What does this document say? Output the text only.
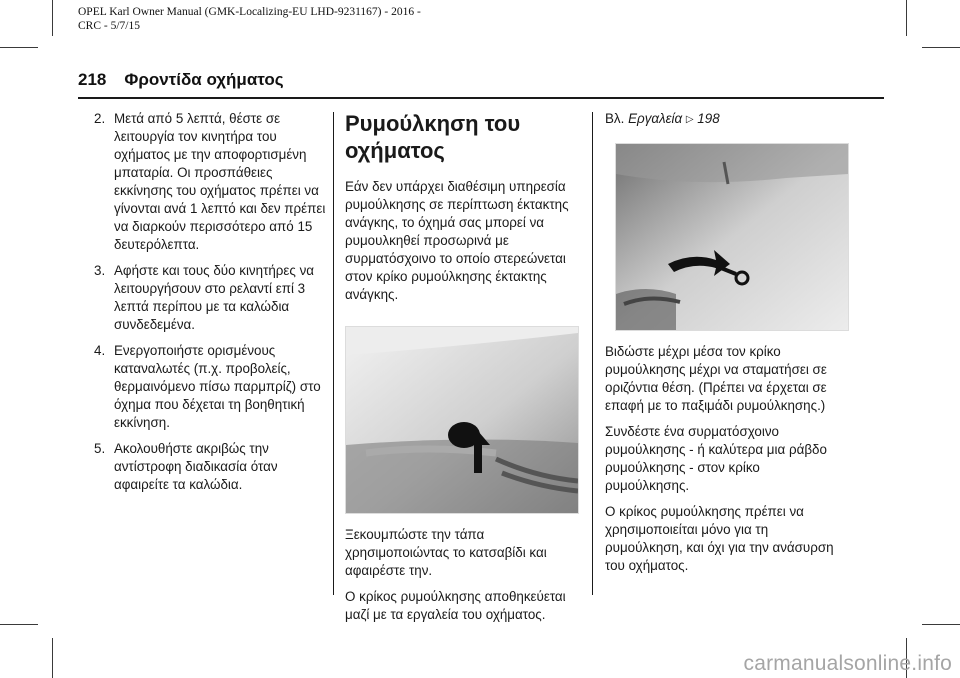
OPEL Karl Owner Manual (GMK-Localizing-EU LHD-9231167) - 2016 -
CRC - 5/7/15
218 Φροντίδα οχήματος
2. Μετά από 5 λεπτά, θέστε σε λειτουργία τον κινητήρα του οχήματος με την αποφορτισμένη μπαταρία. Οι προσπάθειες εκκίνησης του οχήματος πρέπει να γίνονται ανά 1 λεπτό και δεν πρέπει να διαρκούν περισσότερο από 15 δευτερόλεπτα.
3. Αφήστε και τους δύο κινητήρες να λειτουργήσουν στο ρελαντί επί 3 λεπτά περίπου με τα καλώδια συνδεδεμένα.
4. Ενεργοποιήστε ορισμένους καταναλωτές (π.χ. προβολείς, θερμαινόμενο πίσω παρμπρίζ) στο όχημα που δέχεται τη βοηθητική εκκίνηση.
5. Ακολουθήστε ακριβώς την αντίστροφη διαδικασία όταν αφαιρείτε τα καλώδια.
Ρυμούλκηση του οχήματος

Εάν δεν υπάρχει διαθέσιμη υπηρεσία ρυμούλκησης σε περίπτωση έκτακτης ανάγκης, το όχημά σας μπορεί να ρυμουλκηθεί προσωρινά με συρματόσχοινο το οποίο στερεώνεται στον κρίκο ρυμούλκησης έκτακτης ανάγκης.

Ξεκουμπώστε την τάπα χρησιμοποιώντας το κατσαβίδι και αφαιρέστε την.

Ο κρίκος ρυμούλκησης αποθηκεύεται μαζί με τα εργαλεία του οχήματος.

Βλ. Εργαλεία ▷ 198

Βιδώστε μέχρι μέσα τον κρίκο ρυμούλκησης μέχρι να σταματήσει σε οριζόντια θέση. (Πρέπει να έρχεται σε επαφή με το παξιμάδι ρυμούλκησης.)

Συνδέστε ένα συρματόσχοινο ρυμούλκησης - ή καλύτερα μια ράβδο ρυμούλκησης - στον κρίκο ρυμούλκησης.

Ο κρίκος ρυμούλκησης πρέπει να χρησιμοποιείται μόνο για τη ρυμούλκηση, και όχι για την ανάσυρση του οχήματος.

carmanualsonline.info
